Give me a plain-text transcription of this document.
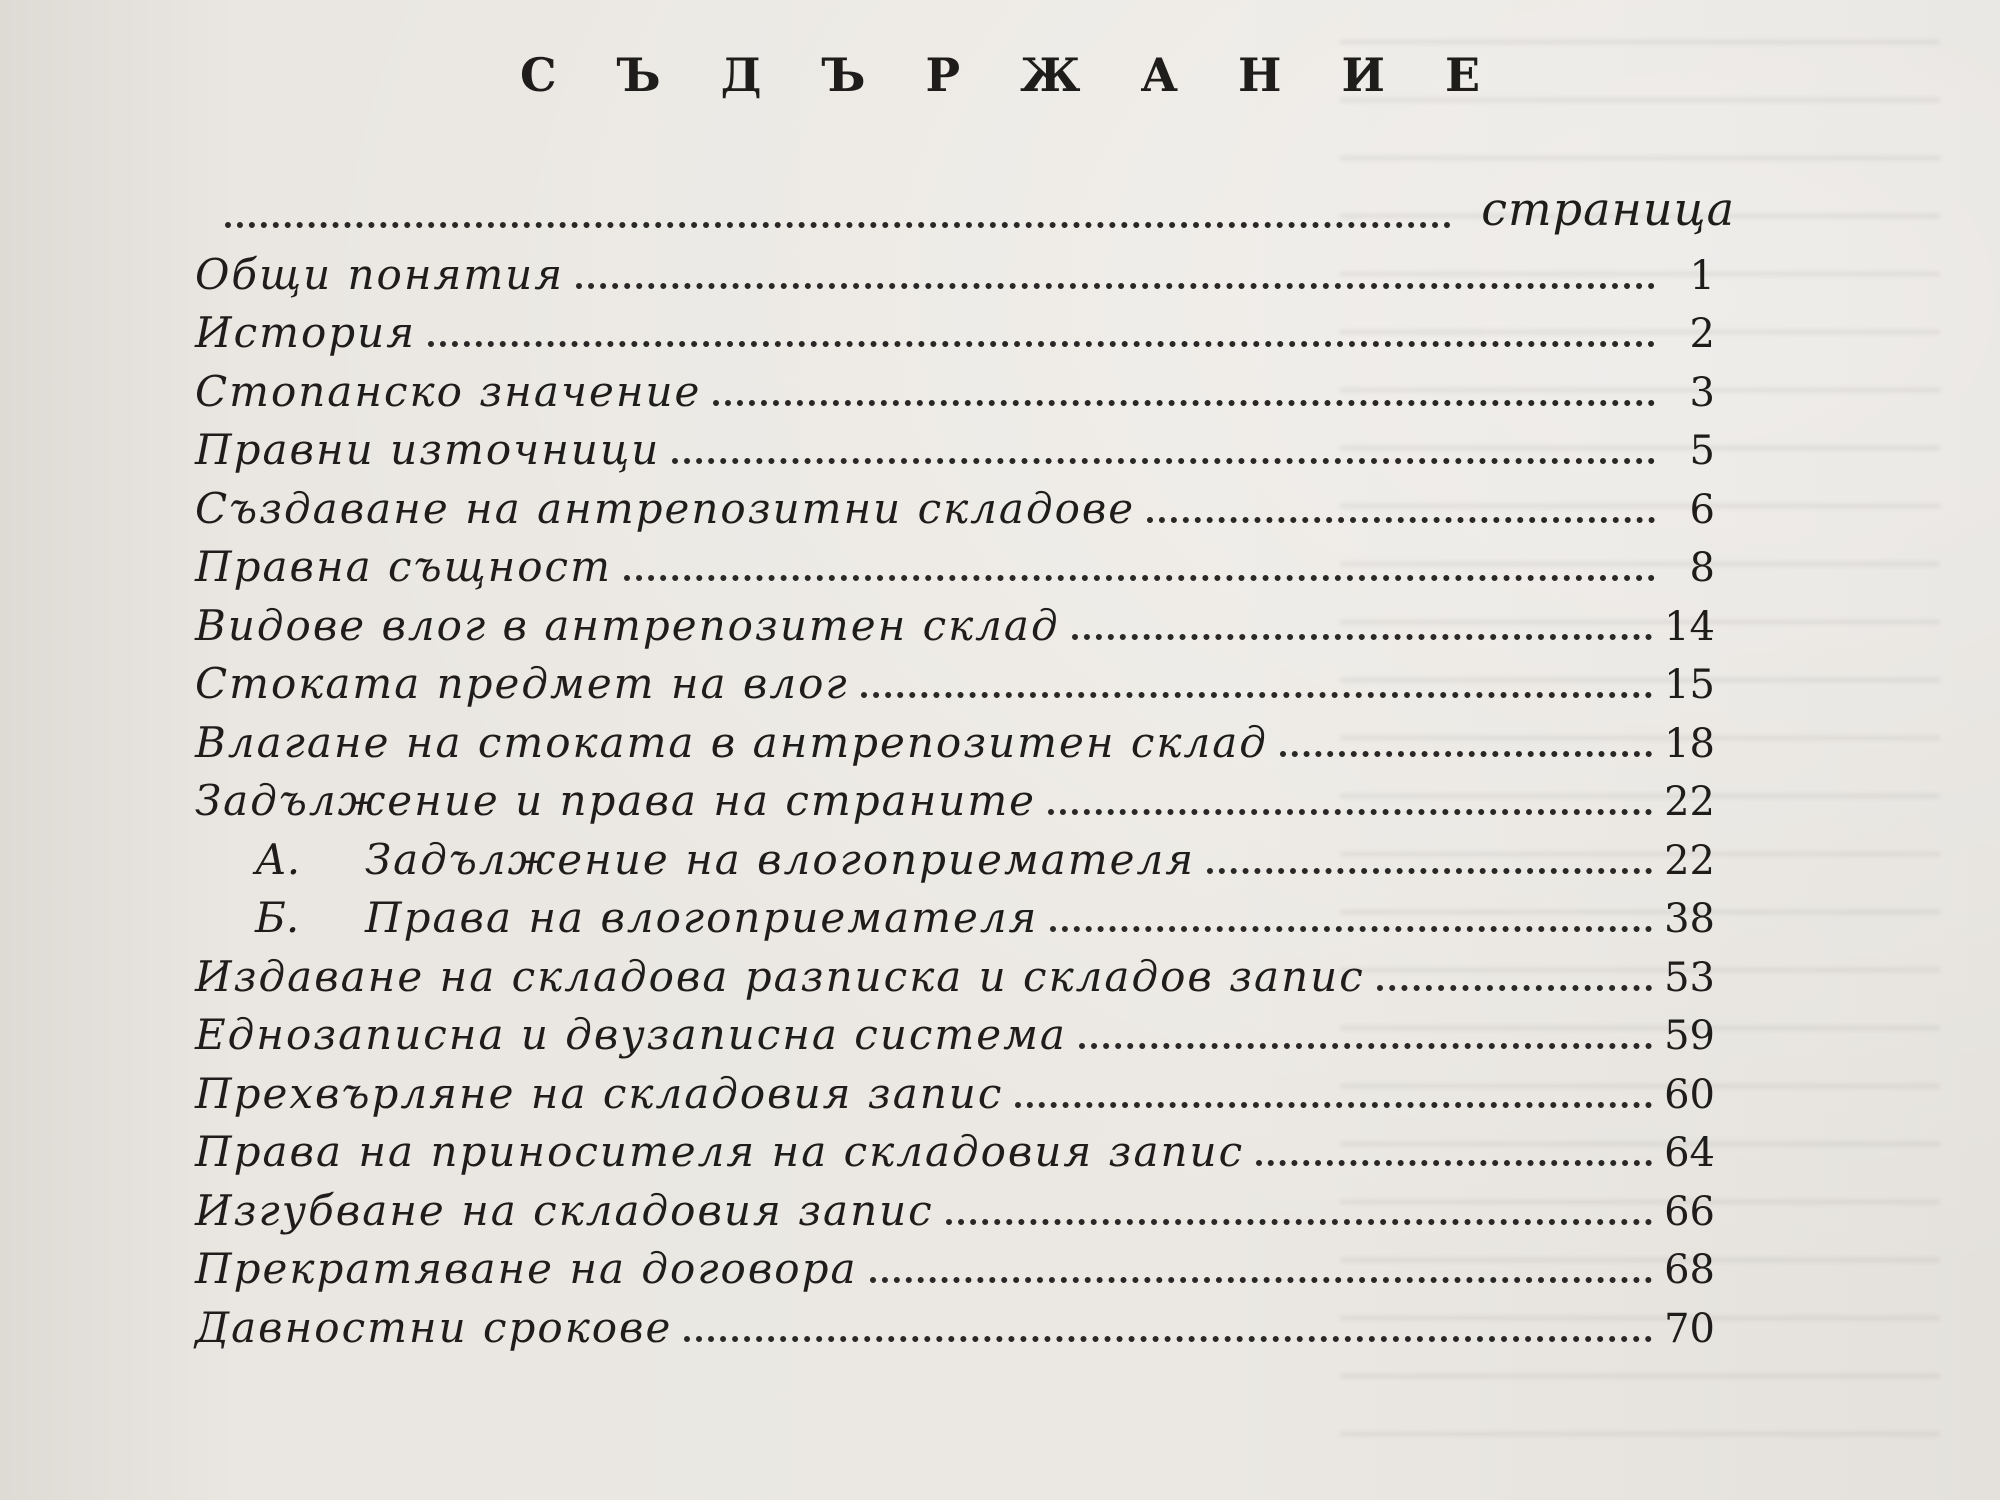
С Ъ Д Ъ Р Ж А Н И Е
страница
Общи понятия	1
История	2
Стопанско значение	3
Правни източници	5
Създаване на антрепозитни складове	6
Правна същност	8
Видове влог в антрепозитен склад	14
Стоката предмет на влог	15
Влагане на стоката в антрепозитен склад	18
Задължение и права на страните	22
А.	Задължение на влогоприемателя	22
Б.	Права на влогоприемателя	38
Издаване на складова разписка и складов запис	53
Еднозаписна и двузаписна система	59
Прехвърляне на складовия запис	60
Права на приносителя на складовия запис	64
Изгубване на складовия запис	66
Прекратяване на договора	68
Давностни срокове	70
